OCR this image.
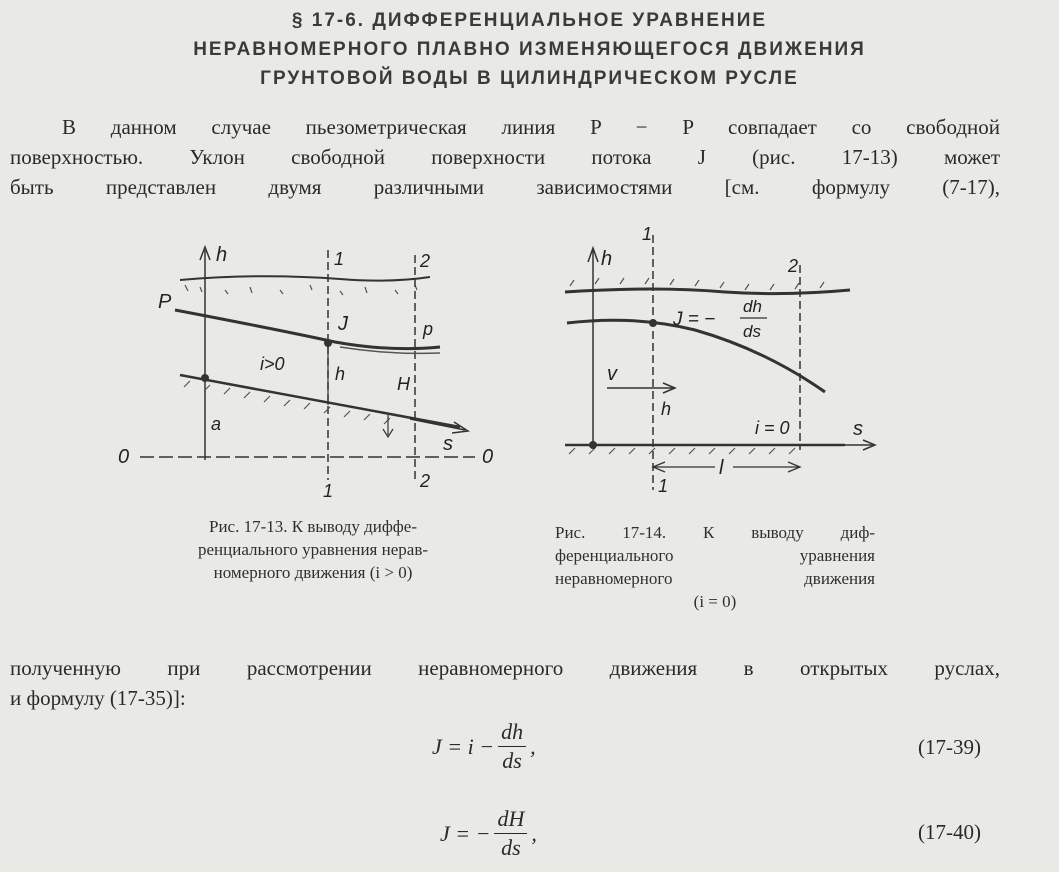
§ 17-6. ДИФФЕРЕНЦИАЛЬНОЕ УРАВНЕНИЕ
НЕРАВНОМЕРНОГО ПЛАВНО ИЗМЕНЯЮЩЕГОСЯ ДВИЖЕНИЯ
ГРУНТОВОЙ ВОДЫ В ЦИЛИНДРИЧЕСКОМ РУСЛЕ
В данном случае пьезометрическая линия P − P совпадает со свободной
поверхностью. Уклон свободной поверхности потока J (рис. 17-13) может
быть представлен двумя различными зависимостями [см. формулу (7-17),
h	1	2
P
p
J
i>0
s
h	H
a
0	0
1	2
Рис. 17-13. К выводу диффе-
ренциального уравнения нерав-
номерного движения (i > 0)
h
1
2
J = −
dh
ds
v
h
i = 0	s
l
1
Рис. 17-14. К выводу диф-
ференциального уравнения
неравномерного движения
(i = 0)
полученную при рассмотрении неравномерного движения в открытых руслах,
и формулу (17-35)]:
$J = i - \frac{dh}{ds}$ ,	(17-39)
J = − $\frac{dH}{ds}$ ,	(17-40)
